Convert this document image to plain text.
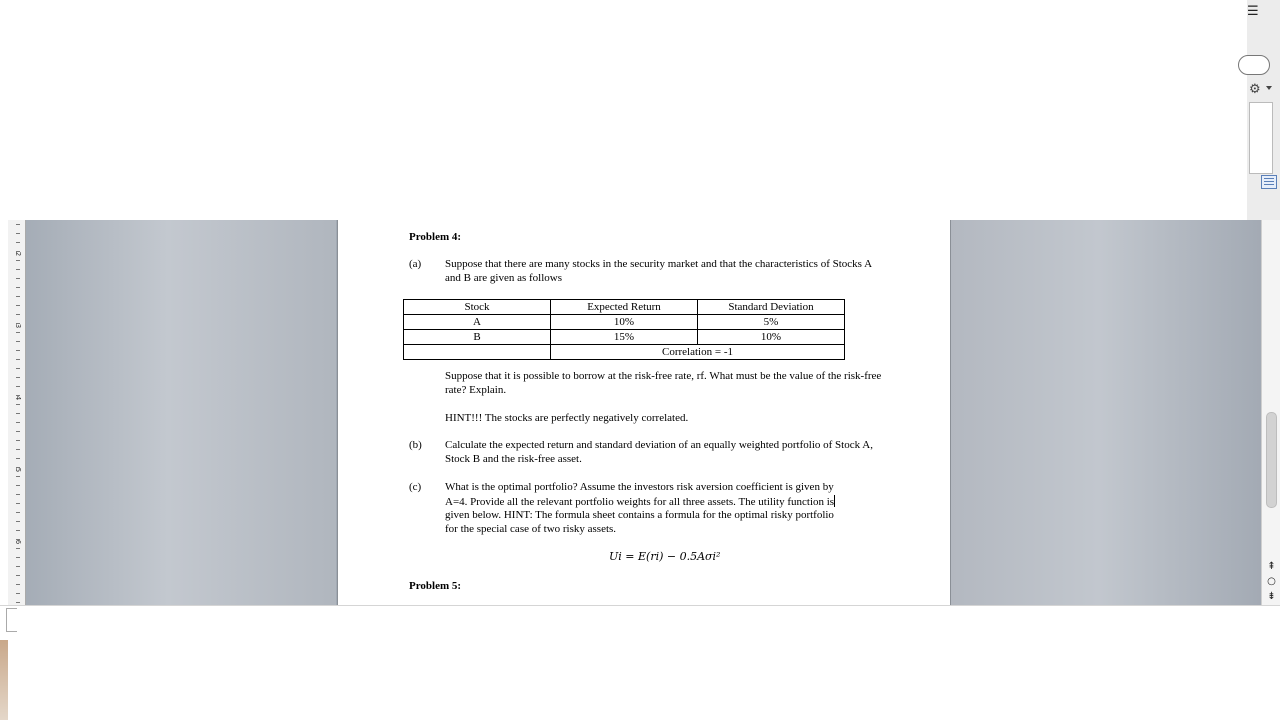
2
3
4
5
6
Problem 4:
(a) Suppose that there are many stocks in the security market and that the characteristics of Stocks A and B are given as follows
Stock	Expected Return	Standard Deviation
A	10%	5%
B	15%	10%
	Correlation = -1	
Suppose that it is possible to borrow at the risk-free rate, rf. What must be the value of the risk-free rate? Explain.
HINT!!! The stocks are perfectly negatively correlated.
(b) Calculate the expected return and standard deviation of an equally weighted portfolio of Stock A, Stock B and the risk-free asset.
(c) What is the optimal portfolio? Assume the investors risk aversion coefficient is given by
A=4. Provide all the relevant portfolio weights for all three assets. The utility function is
given below. HINT: The formula sheet contains a formula for the optimal risky portfolio
for the special case of two risky assets.
Ui = E(ri) − 0.5Aσi²
Problem 5:
⇞
○
⇟
☰
⚙
